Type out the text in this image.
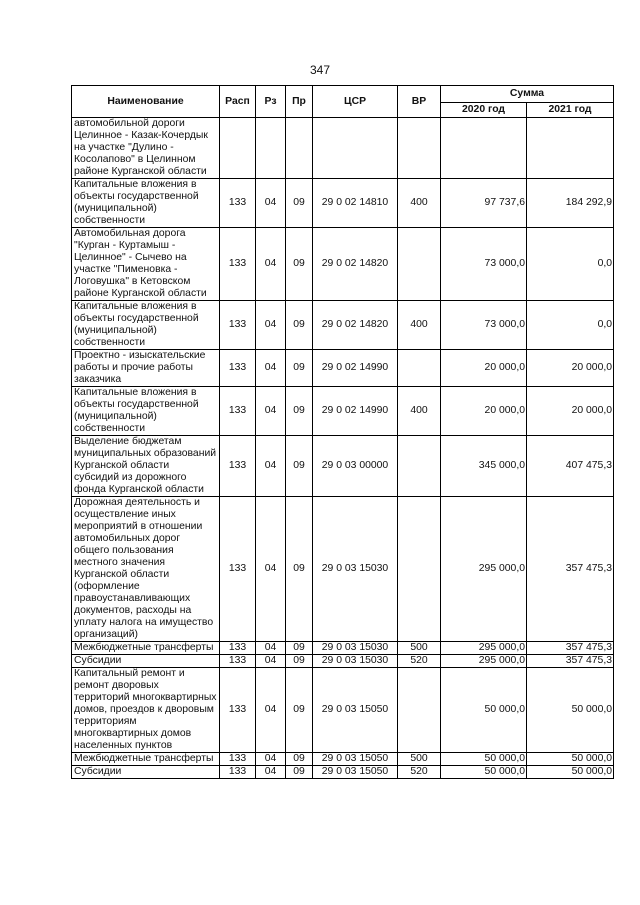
347
Наименование	Расп	Рз	Пр	ЦСР	ВР	Сумма	
						2020 год	2021 год
автомобильной дороги Целинное - Казак-Кочердык на участке "Дулино - Косолапово" в Целинном районе Курганской области							
Капитальные вложения в объекты государственной (муниципальной) собственности	133	04	09	29 0 02 14810	400	97 737,6	184 292,9
Автомобильная дорога "Курган - Куртамыш - Целинное" - Сычево на участке "Пименовка - Логовушка" в Кетовском районе Курганской области	133	04	09	29 0 02 14820		73 000,0	0,0
Капитальные вложения в объекты государственной (муниципальной) собственности	133	04	09	29 0 02 14820	400	73 000,0	0,0
Проектно - изыскательские работы и прочие работы заказчика	133	04	09	29 0 02 14990		20 000,0	20 000,0
Капитальные вложения в объекты государственной (муниципальной) собственности	133	04	09	29 0 02 14990	400	20 000,0	20 000,0
Выделение бюджетам муниципальных образований Курганской области субсидий из дорожного фонда Курганской области	133	04	09	29 0 03 00000		345 000,0	407 475,3
Дорожная деятельность и осуществление иных мероприятий в отношении автомобильных дорог общего пользования местного значения Курганской области (оформление правоустанавливающих документов, расходы на уплату налога на имущество организаций)	133	04	09	29 0 03 15030		295 000,0	357 475,3
Межбюджетные трансферты	133	04	09	29 0 03 15030	500	295 000,0	357 475,3
Субсидии	133	04	09	29 0 03 15030	520	295 000,0	357 475,3
Капитальный ремонт и ремонт дворовых территорий многоквартирных домов, проездов к дворовым территориям многоквартирных домов населенных пунктов	133	04	09	29 0 03 15050		50 000,0	50 000,0
Межбюджетные трансферты	133	04	09	29 0 03 15050	500	50 000,0	50 000,0
Субсидии	133	04	09	29 0 03 15050	520	50 000,0	50 000,0
